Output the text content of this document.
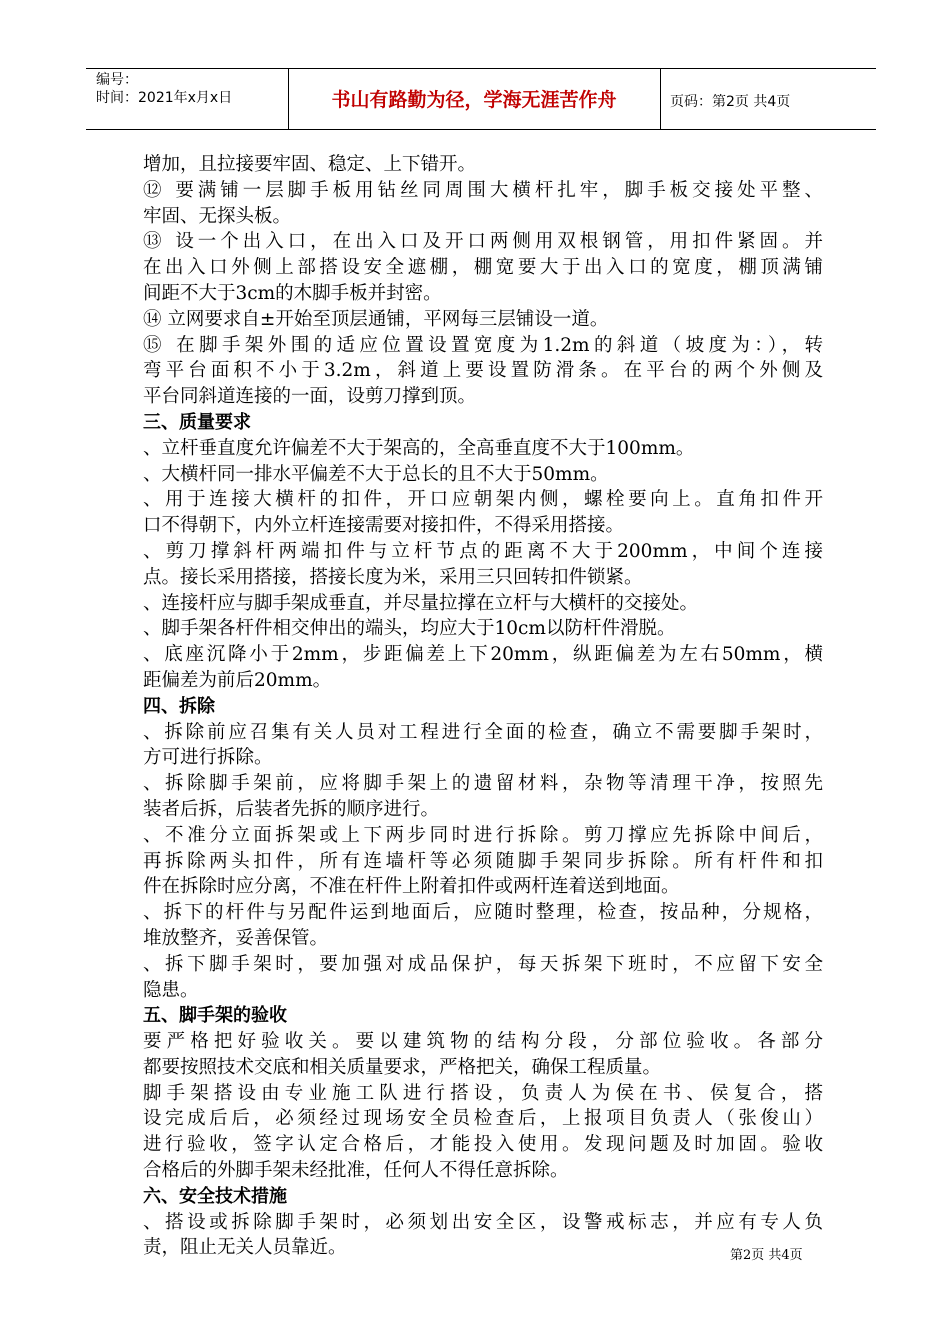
编号：
时间：2021年x月x日	书山有路勤为径，学海无涯苦作舟	页码：第2页 共4页
增加，且拉接要牢固、稳定、上下错开。
⑫ 要满铺一层脚手板用钻丝同周围大横杆扎牢，脚手板交接处平整、
牢固、无探头板。
⑬ 设一个出入口，在出入口及开口两侧用双根钢管，用扣件紧固。并
在出入口外侧上部搭设安全遮棚，棚宽要大于出入口的宽度，棚顶满铺
间距不大于3cm的木脚手板并封密。
⑭ 立网要求自±开始至顶层通铺，平网每三层铺设一道。
⑮ 在脚手架外围的适应位置设置宽度为1.2m的斜道（坡度为：），转
弯平台面积不小于3.2m，斜道上要设置防滑条。在平台的两个外侧及
平台同斜道连接的一面，设剪刀撑到顶。
三、质量要求
、立杆垂直度允许偏差不大于架高的，全高垂直度不大于100mm。
、大横杆同一排水平偏差不大于总长的且不大于50mm。
、用于连接大横杆的扣件，开口应朝架内侧，螺栓要向上。直角扣件开
口不得朝下，内外立杆连接需要对接扣件，不得采用搭接。
、剪刀撑斜杆两端扣件与立杆节点的距离不大于200mm，中间个连接
点。接长采用搭接，搭接长度为米，采用三只回转扣件锁紧。
、连接杆应与脚手架成垂直，并尽量拉撑在立杆与大横杆的交接处。
、脚手架各杆件相交伸出的端头，均应大于10cm以防杆件滑脱。
、底座沉降小于2mm，步距偏差上下20mm，纵距偏差为左右50mm，横
距偏差为前后20mm。
四、拆除
、拆除前应召集有关人员对工程进行全面的检查，确立不需要脚手架时，
方可进行拆除。
、拆除脚手架前，应将脚手架上的遗留材料，杂物等清理干净，按照先
装者后拆，后装者先拆的顺序进行。
、不准分立面拆架或上下两步同时进行拆除。剪刀撑应先拆除中间后，
再拆除两头扣件，所有连墙杆等必须随脚手架同步拆除。所有杆件和扣
件在拆除时应分离，不准在杆件上附着扣件或两杆连着送到地面。
、拆下的杆件与另配件运到地面后，应随时整理，检查，按品种，分规格，
堆放整齐，妥善保管。
、拆下脚手架时，要加强对成品保护，每天拆架下班时，不应留下安全
隐患。
五、脚手架的验收
要严格把好验收关。要以建筑物的结构分段，分部位验收。各部分
都要按照技术交底和相关质量要求，严格把关，确保工程质量。
脚手架搭设由专业施工队进行搭设，负责人为侯在书、侯复合，搭
设完成后后，必须经过现场安全员检查后，上报项目负责人（张俊山）
进行验收，签字认定合格后，才能投入使用。发现问题及时加固。验收
合格后的外脚手架未经批准，任何人不得任意拆除。
六、安全技术措施
、搭设或拆除脚手架时，必须划出安全区，设警戒标志，并应有专人负
责，阻止无关人员靠近。	第2页 共4页
